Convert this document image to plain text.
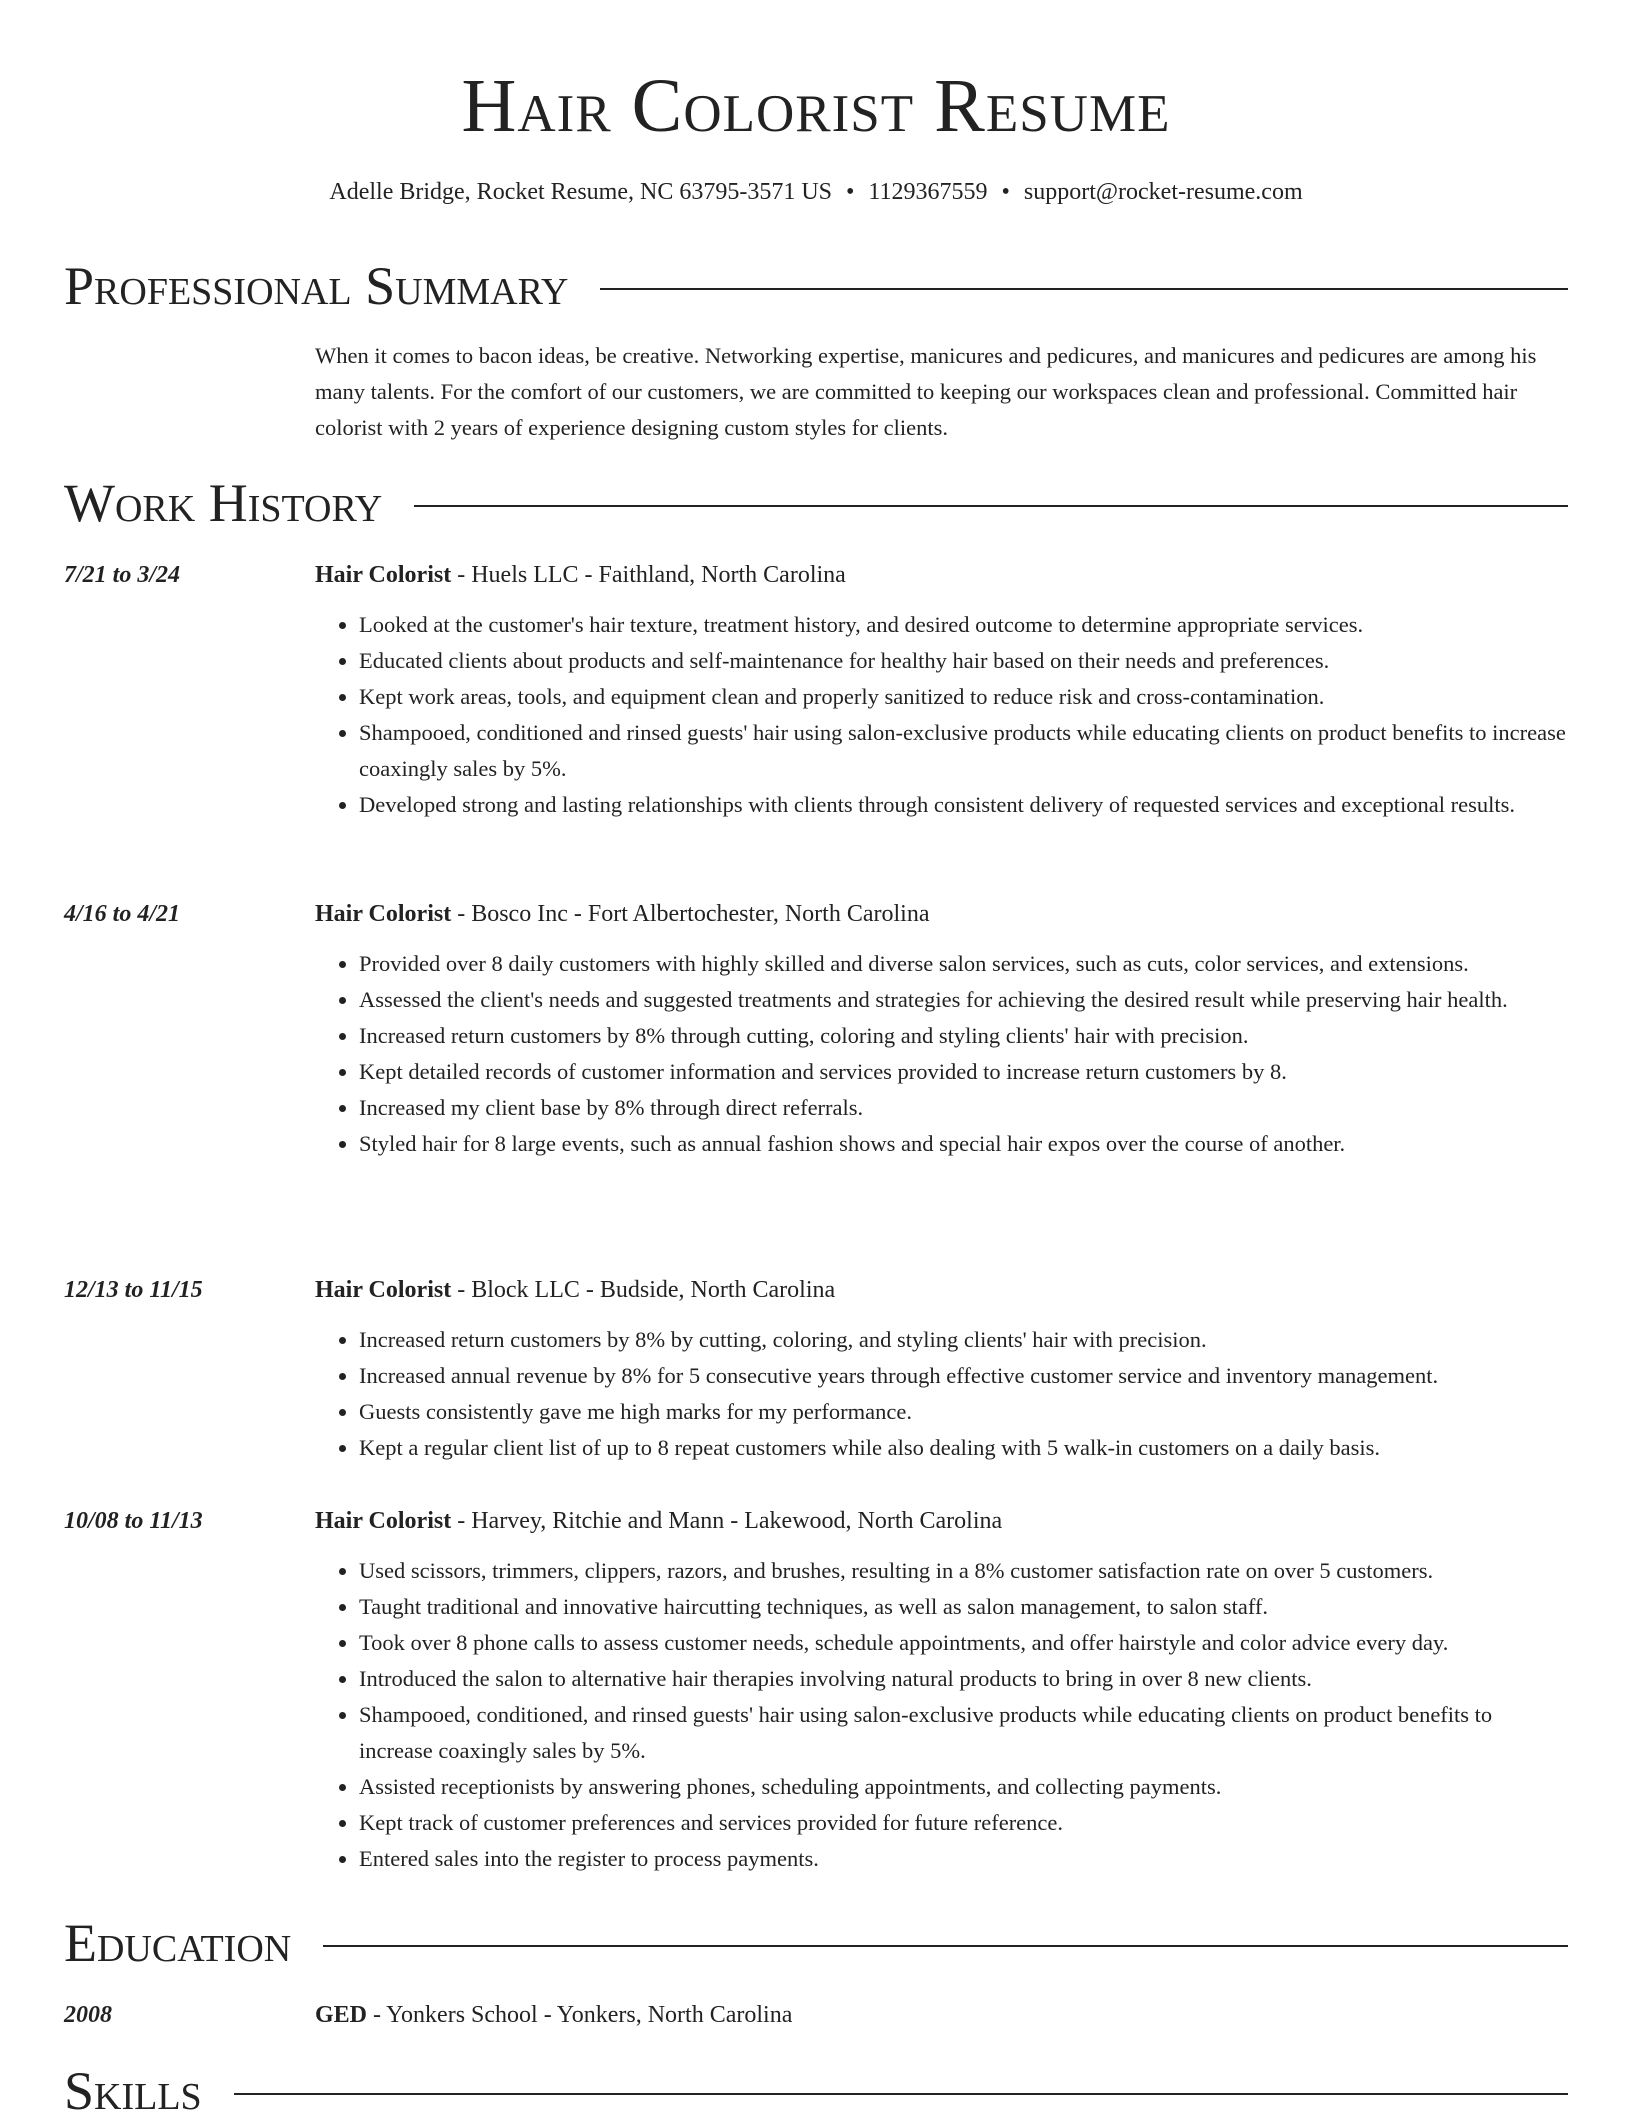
Hair Colorist Resume
Adelle Bridge, Rocket Resume, NC 63795-3571 US • 1129367559 • support@rocket-resume.com
Professional Summary
When it comes to bacon ideas, be creative. Networking expertise, manicures and pedicures, and manicures and pedicures are among his many talents. For the comfort of our customers, we are committed to keeping our workspaces clean and professional. Committed hair colorist with 2 years of experience designing custom styles for clients.
Work History
7/21 to 3/24	Hair Colorist - Huels LLC - Faithland, North Carolina
• Looked at the customer's hair texture, treatment history, and desired outcome to determine appropriate services.
• Educated clients about products and self-maintenance for healthy hair based on their needs and preferences.
• Kept work areas, tools, and equipment clean and properly sanitized to reduce risk and cross-contamination.
• Shampooed, conditioned and rinsed guests' hair using salon-exclusive products while educating clients on product benefits to increase coaxingly sales by 5%.
• Developed strong and lasting relationships with clients through consistent delivery of requested services and exceptional results.
4/16 to 4/21	Hair Colorist - Bosco Inc - Fort Albertochester, North Carolina
• Provided over 8 daily customers with highly skilled and diverse salon services, such as cuts, color services, and extensions.
• Assessed the client's needs and suggested treatments and strategies for achieving the desired result while preserving hair health.
• Increased return customers by 8% through cutting, coloring and styling clients' hair with precision.
• Kept detailed records of customer information and services provided to increase return customers by 8.
• Increased my client base by 8% through direct referrals.
• Styled hair for 8 large events, such as annual fashion shows and special hair expos over the course of another.
12/13 to 11/15	Hair Colorist - Block LLC - Budside, North Carolina
• Increased return customers by 8% by cutting, coloring, and styling clients' hair with precision.
• Increased annual revenue by 8% for 5 consecutive years through effective customer service and inventory management.
• Guests consistently gave me high marks for my performance.
• Kept a regular client list of up to 8 repeat customers while also dealing with 5 walk-in customers on a daily basis.
10/08 to 11/13	Hair Colorist - Harvey, Ritchie and Mann - Lakewood, North Carolina
• Used scissors, trimmers, clippers, razors, and brushes, resulting in a 8% customer satisfaction rate on over 5 customers.
• Taught traditional and innovative haircutting techniques, as well as salon management, to salon staff.
• Took over 8 phone calls to assess customer needs, schedule appointments, and offer hairstyle and color advice every day.
• Introduced the salon to alternative hair therapies involving natural products to bring in over 8 new clients.
• Shampooed, conditioned, and rinsed guests' hair using salon-exclusive products while educating clients on product benefits to increase coaxingly sales by 5%.
• Assisted receptionists by answering phones, scheduling appointments, and collecting payments.
• Kept track of customer preferences and services provided for future reference.
• Entered sales into the register to process payments.
Education
2008	GED - Yonkers School - Yonkers, North Carolina
Skills
